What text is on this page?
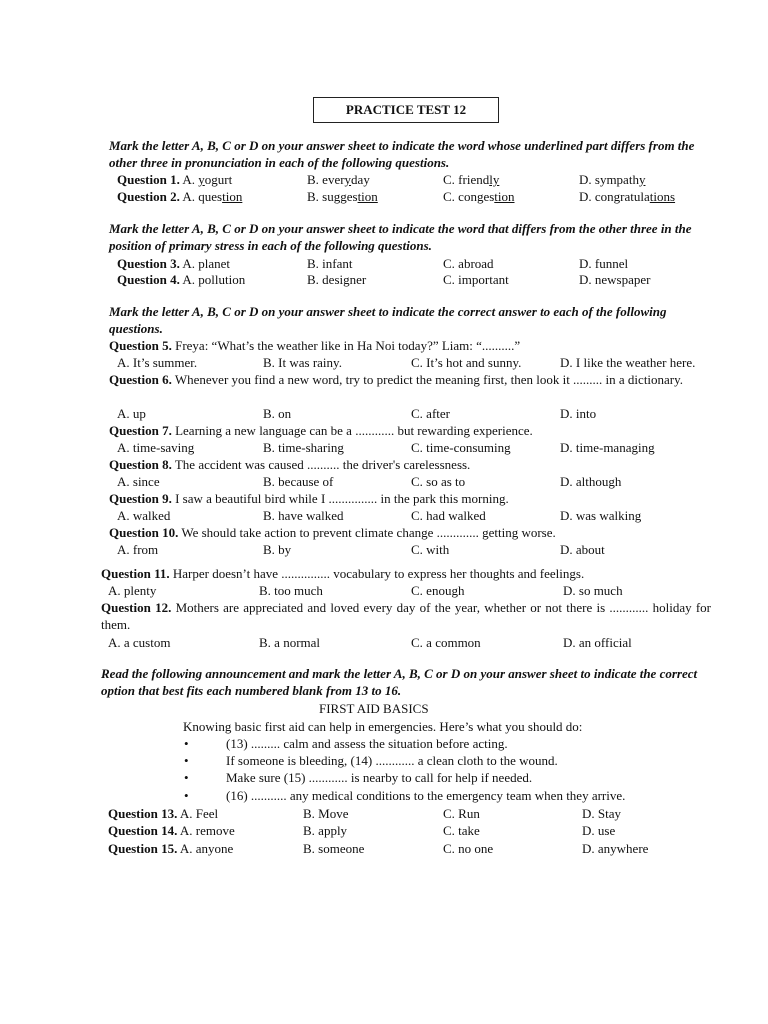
PRACTICE TEST 12
Mark the letter A, B, C or D on your answer sheet to indicate the word whose underlined part differs from the other three in pronunciation in each of the following questions.
Question 1. A. yogurt	B. everyday	C. friendly	D. sympathy
Question 2. A. question	B. suggestion	C. congestion	D. congratulations
Mark the letter A, B, C or D on your answer sheet to indicate the word that differs from the other three in the position of primary stress in each of the following questions.
Question 3. A. planet	B. infant	C. abroad	D. funnel
Question 4. A. pollution	B. designer	C. important	D. newspaper
Mark the letter A, B, C or D on your answer sheet to indicate the correct answer to each of the following questions.
Question 5. Freya: “What’s the weather like in Ha Noi today?” Liam: “..........”
A. It’s summer.	B. It was rainy.	C. It’s hot and sunny.	D. I like the weather here.
Question 6. Whenever you find a new word, try to predict the meaning first, then look it ......... in a dictionary.
A. up	B. on	C. after	D. into
Question 7. Learning a new language can be a ............ but rewarding experience.
A. time-saving	B. time-sharing	C. time-consuming	D. time-managing
Question 8. The accident was caused .......... the driver's carelessness.
A. since	B. because of	C. so as to	D. although
Question 9. I saw a beautiful bird while I ............... in the park this morning.
A. walked	B. have walked	C. had walked	D. was walking
Question 10. We should take action to prevent climate change ............. getting worse.
A. from	B. by	C. with	D. about
Question 11. Harper doesn’t have ............... vocabulary to express her thoughts and feelings.
A. plenty	B. too much	C. enough	D. so much
Question 12. Mothers are appreciated and loved every day of the year, whether or not there is ............ holiday for them.
A. a custom	B. a normal	C. a common	D. an official
Read the following announcement and mark the letter A, B, C or D on your answer sheet to indicate the correct option that best fits each numbered blank from 13 to 16.
FIRST AID BASICS
Knowing basic first aid can help in emergencies. Here’s what you should do:
•	(13) ......... calm and assess the situation before acting.
•	If someone is bleeding, (14) ............ a clean cloth to the wound.
•	Make sure (15) ............ is nearby to call for help if needed.
•	(16) ........... any medical conditions to the emergency team when they arrive.
Question 13. A. Feel	B. Move	C. Run	D. Stay
Question 14. A. remove	B. apply	C. take	D. use
Question 15. A. anyone	B. someone	C. no one	D. anywhere
